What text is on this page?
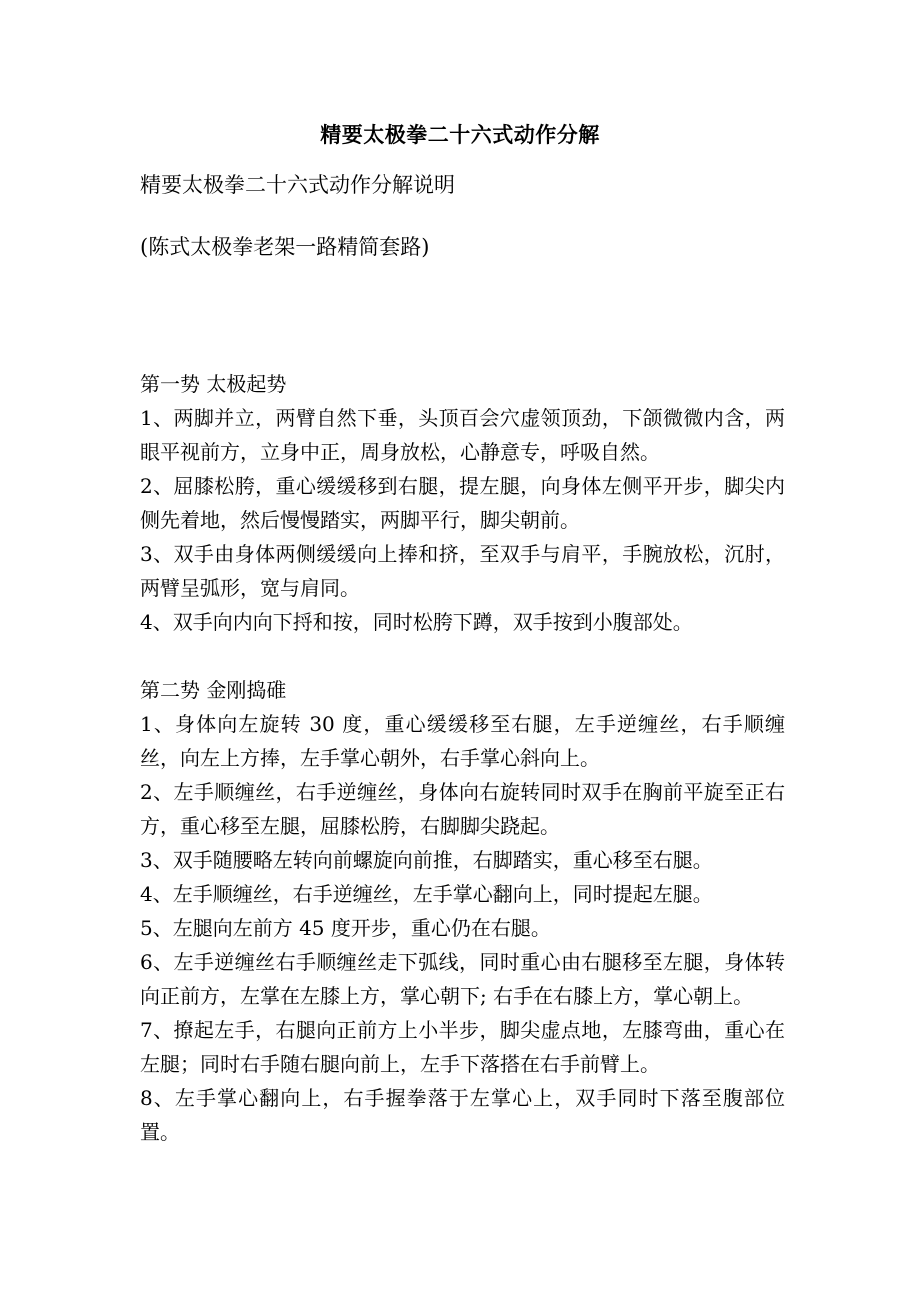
精要太极拳二十六式动作分解
精要太极拳二十六式动作分解说明
(陈式太极拳老架一路精简套路)

第一势 太极起势

1、两脚并立，两臂自然下垂，头顶百会穴虚领顶劲，下颌微微内含，两眼平视前方，立身中正，周身放松，心静意专，呼吸自然。

2、屈膝松胯，重心缓缓移到右腿，提左腿，向身体左侧平开步，脚尖内侧先着地，然后慢慢踏实，两脚平行，脚尖朝前。

3、双手由身体两侧缓缓向上捧和挤，至双手与肩平，手腕放松，沉肘，两臂呈弧形，宽与肩同。

4、双手向内向下捋和按，同时松胯下蹲，双手按到小腹部处。

第二势 金刚捣碓

1、身体向左旋转 30 度，重心缓缓移至右腿，左手逆缠丝，右手顺缠丝，向左上方捧，左手掌心朝外，右手掌心斜向上。

2、左手顺缠丝，右手逆缠丝，身体向右旋转同时双手在胸前平旋至正右方，重心移至左腿，屈膝松胯，右脚脚尖跷起。

3、双手随腰略左转向前螺旋向前推，右脚踏实，重心移至右腿。

4、左手顺缠丝，右手逆缠丝，左手掌心翻向上，同时提起左腿。

5、左腿向左前方 45 度开步，重心仍在右腿。

6、左手逆缠丝右手顺缠丝走下弧线，同时重心由右腿移至左腿，身体转向正前方，左掌在左膝上方，掌心朝下; 右手在右膝上方，掌心朝上。

7、撩起左手，右腿向正前方上小半步，脚尖虚点地，左膝弯曲，重心在左腿；同时右手随右腿向前上，左手下落搭在右手前臂上。

8、左手掌心翻向上，右手握拳落于左掌心上，双手同时下落至腹部位置。
